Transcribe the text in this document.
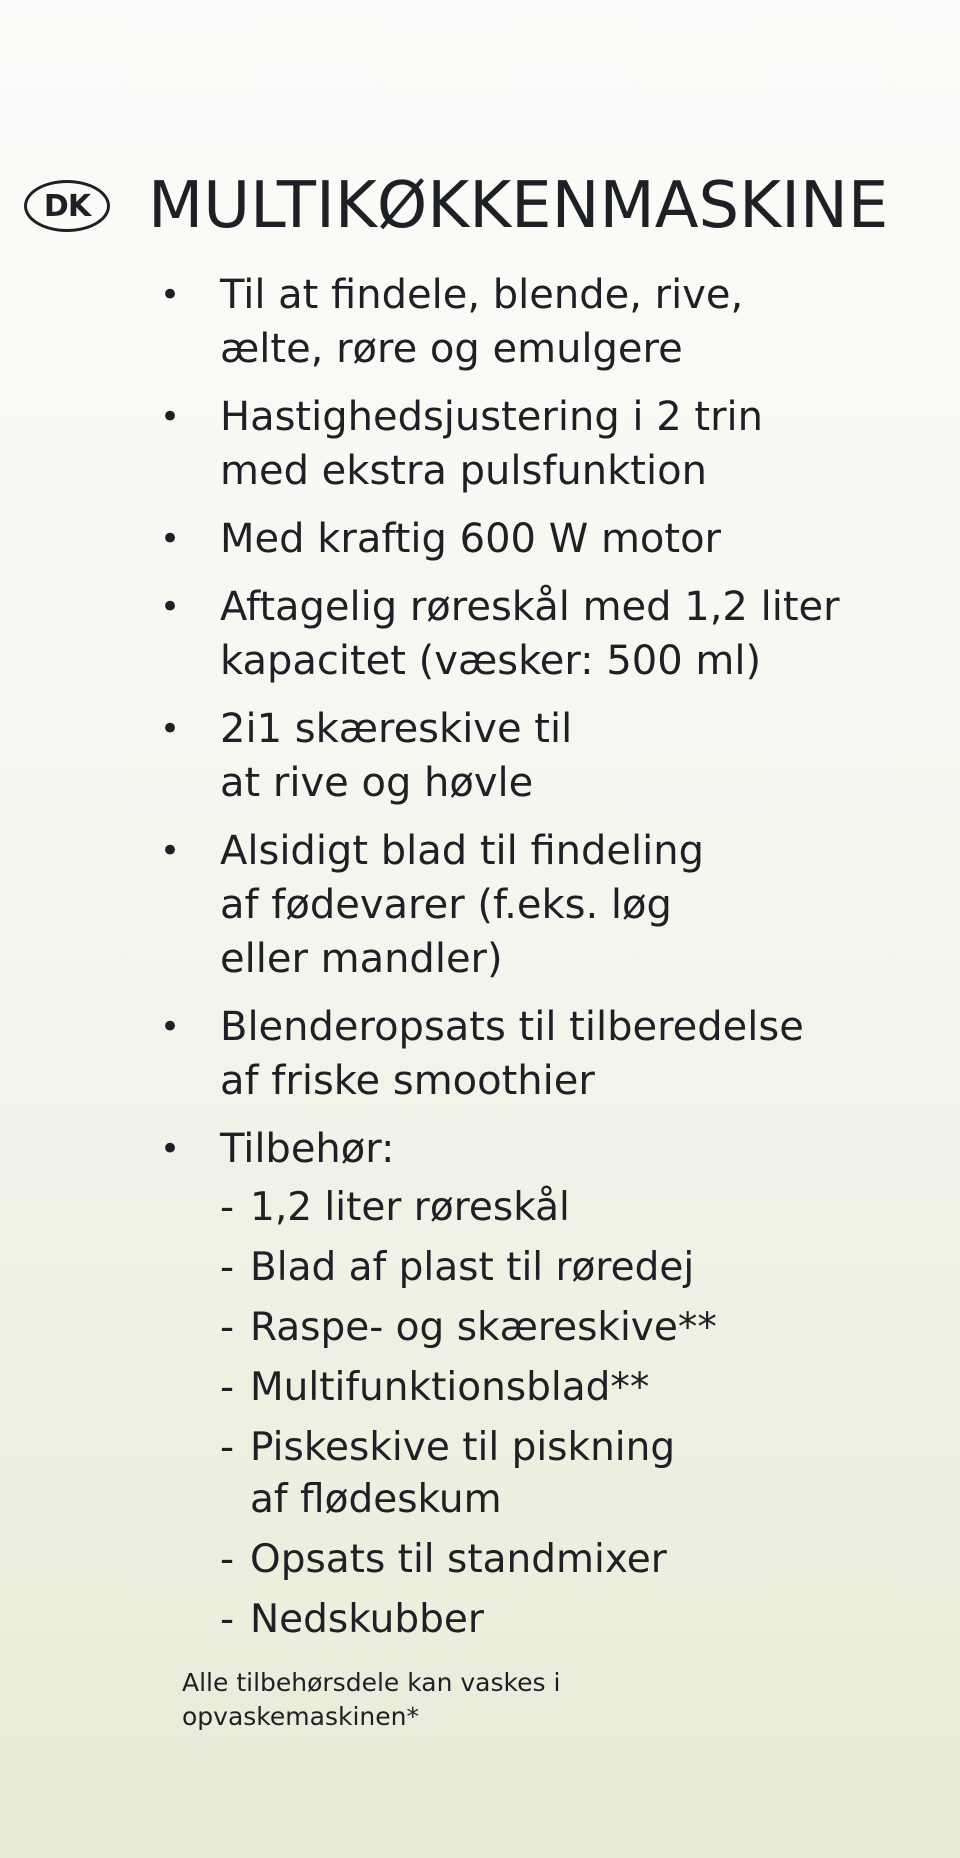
DK MULTIKØKKENMASKINE
• Til at findele, blende, rive,
ælte, røre og emulgere
• Hastighedsjustering i 2 trin
med ekstra pulsfunktion
• Med kraftig 600 W motor
• Aftagelig røreskål med 1,2 liter
kapacitet (væsker: 500 ml)
• 2i1 skæreskive til
at rive og høvle
• Alsidigt blad til findeling
af fødevarer (f.eks. løg
eller mandler)
• Blenderopsats til tilberedelse
af friske smoothier
• Tilbehør:
- 1,2 liter røreskål
- Blad af plast til røredej
- Raspe- og skæreskive**
- Multifunktionsblad**
- Piskeskive til piskning
af flødeskum
- Opsats til standmixer
- Nedskubber
Alle tilbehørsdele kan vaskes i
opvaskemaskinen*
